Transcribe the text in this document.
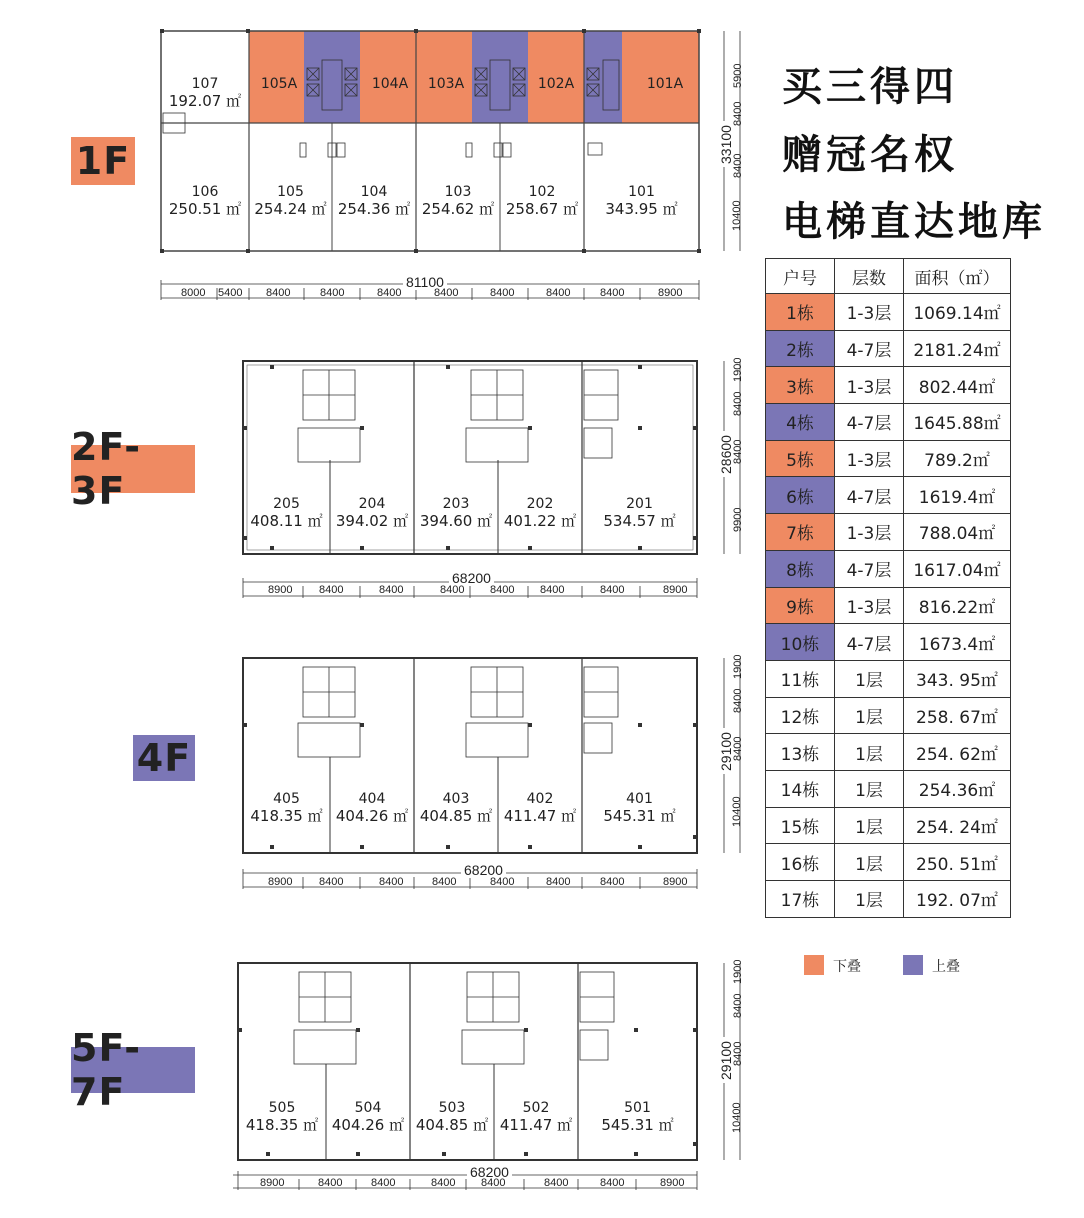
1F
2F-3F
4F
5F-7F
买三得四
赠冠名权
电梯直达地库
107
192.07 ㎡
105A	104A	103A	102A	101A
106
250.51 ㎡
105
254.24 ㎡
104
254.36 ㎡
103
254.62 ㎡
102
258.67 ㎡
101
343.95 ㎡
81100
8000 5400 8400	8400	8400	8400	8400	8400	8400	8900
33100
5900
8400
8400
10400
205
408.11 ㎡
204
394.02 ㎡
203
394.60 ㎡
202
401.22 ㎡
201
534.57 ㎡
68200
8900 8400	8400	8400 8400 8400	8400	8900
28600
1900
8400
8400
9900
405
418.35 ㎡
404
404.26 ㎡
403
404.85 ㎡
402
411.47 ㎡
401
545.31 ㎡
68200
8900 8400	8400	8400	8400	8400	8400	8900
29100
1900
8400
8400
10400
505
418.35 ㎡
504
404.26 ㎡
503
404.85 ㎡
502
411.47 ㎡
501
545.31 ㎡
68200
8900	8400	8400	8400 8400	8400	8400	8900
29100
1900
8400
8400
10400
户号	层数	面积（㎡）
1栋	1-3层	1069.14㎡
2栋	4-7层	2181.24㎡
3栋	1-3层	802.44㎡
4栋	4-7层	1645.88㎡
5栋	1-3层	789.2㎡
6栋	4-7层	1619.4㎡
7栋	1-3层	788.04㎡
8栋	4-7层	1617.04㎡
9栋	1-3层	816.22㎡
10栋	4-7层	1673.4㎡
11栋	1层	343. 95㎡
12栋	1层	258. 67㎡
13栋	1层	254. 62㎡
14栋	1层	254.36㎡
15栋	1层	254. 24㎡
16栋	1层	250. 51㎡
17栋	1层	192. 07㎡
下叠	上叠
